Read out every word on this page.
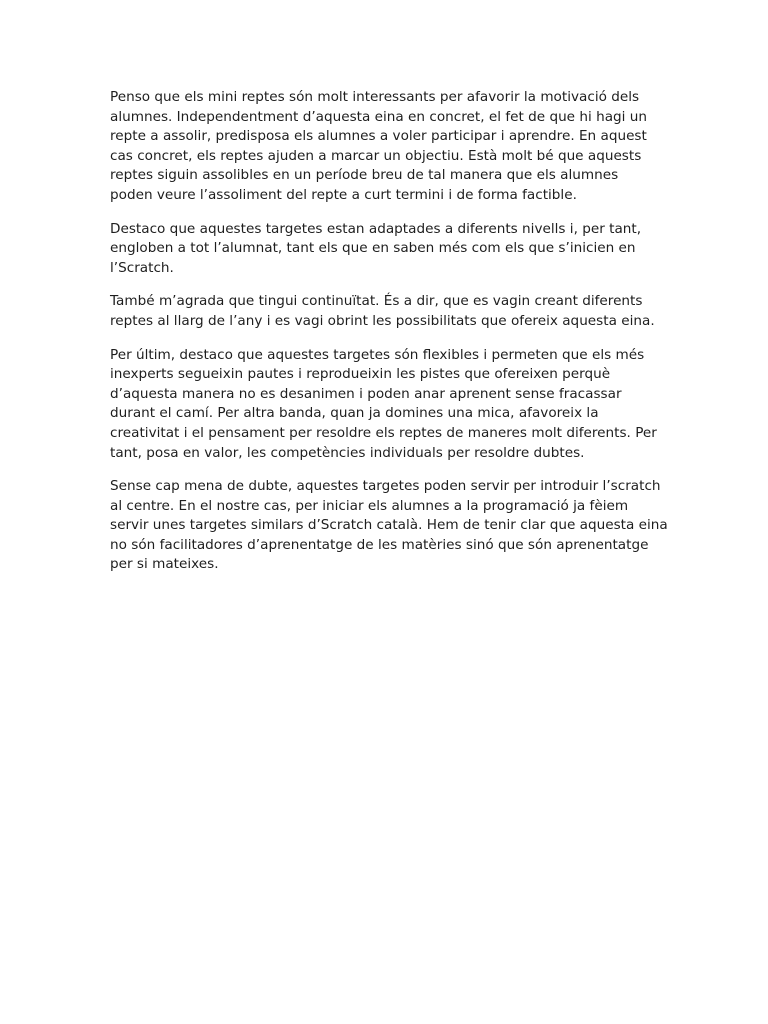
Penso que els mini reptes són molt interessants per afavorir la motivació dels
alumnes. Independentment d’aquesta eina en concret, el fet de que hi hagi un
repte a assolir, predisposa els alumnes a voler participar i aprendre. En aquest
cas concret, els reptes ajuden a marcar un objectiu. Està molt bé que aquests
reptes siguin assolibles en un període breu de tal manera que els alumnes
poden veure l’assoliment del repte a curt termini i de forma factible.

Destaco que aquestes targetes estan adaptades a diferents nivells i, per tant,
engloben a tot l’alumnat, tant els que en saben més com els que s’inicien en
l’Scratch.

També m’agrada que tingui continuïtat. És a dir, que es vagin creant diferents
reptes al llarg de l’any i es vagi obrint les possibilitats que ofereix aquesta eina.

Per últim, destaco que aquestes targetes són flexibles i permeten que els més
inexperts segueixin pautes i reprodueixin les pistes que ofereixen perquè
d’aquesta manera no es desanimen i poden anar aprenent sense fracassar
durant el camí. Per altra banda, quan ja domines una mica, afavoreix la
creativitat i el pensament per resoldre els reptes de maneres molt diferents. Per
tant, posa en valor, les competències individuals per resoldre dubtes.

Sense cap mena de dubte, aquestes targetes poden servir per introduir l’scratch
al centre. En el nostre cas, per iniciar els alumnes a la programació ja fèiem
servir unes targetes similars d’Scratch català. Hem de tenir clar que aquesta eina
no són facilitadores d’aprenentatge de les matèries sinó que són aprenentatge
per si mateixes.
